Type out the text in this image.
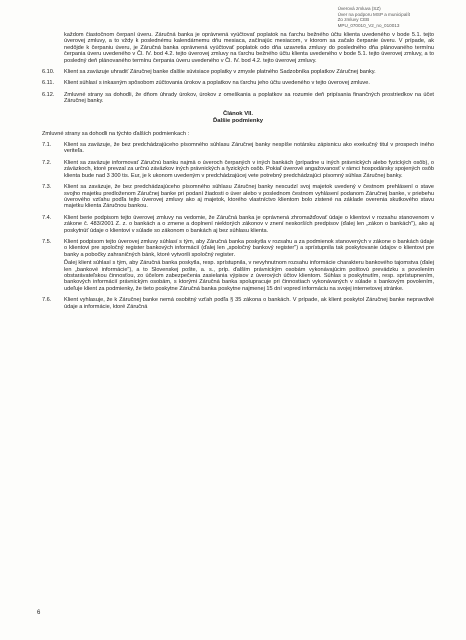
Úverová zmluva (SZ)
Úver na podporu MSP a municipalít
Zo zmluvy CEB
MPU_070010_V2_no_010013
každom čiastočnom čerpaní úveru. Záručná banka je oprávnená vyúčtovať poplatok na ťarchu bežného účtu klienta uvedeného v bode 5.1. tejto úverovej zmluvy, a to vždy k poslednému kalendárnemu dňu mesiaca, začínajúc mesiacom, v ktorom sa začalo čerpanie úveru. V prípade, ak nedôjde k čerpaniu úveru, je Záručná banka oprávnená vyúčtovať poplatok odo dňa uzavretia zmluvy do posledného dňa plánovaného termínu čerpania úveru uvedeného v Čl. IV. bod 4.2. tejto úverovej zmluvy na ťarchu bežného účtu klienta uvedeného v bode 5.1. tejto úverovej zmluvy, a to posledný deň plánovaného termínu čerpania úveru uvedeného v Čl. IV. bod 4.2. tejto úverovej zmluvy.
6.10.	Klient sa zaväzuje uhradiť Záručnej banke ďalšie súvisiace poplatky v zmysle platného Sadzobníka poplatkov Záručnej banky.
6.11.	Klient súhlasí s inkasným spôsobom zúčtovania úrokov a poplatkov na ťarchu jeho účtu uvedeného v tejto úverovej zmluve.
6.12.	Zmluvné strany sa dohodli, že dňom úhrady úrokov, úrokov z omeškania a poplatkov sa rozumie deň pripísania finančných prostriedkov na účet Záručnej banky.
Článok VII.
Ďalšie podmienky
Zmluvné strany sa dohodli na týchto ďalších podmienkach :
7.1.	Klient sa zaväzuje, že bez predchádzajúceho písomného súhlasu Záručnej banky nespíše notársku zápisnicu ako exekučný titul v prospech iného veriteľa.
7.2.	Klient sa zaväzuje informovať Záručnú banku najmä o úveroch čerpaných v iných bankách (prípadne u iných právnických alebo fyzických osôb), o záväzkoch, ktoré prevzal za určnú záväzkov iných právnických a fyzických osôb. Pokiaľ úverové angažovanosť v rámci hospodársky spojených osôb klienta bude nad 3 300 tis. Eur, je k ukonom uvedeným v predchádzajúcej vete potrebný predchádzajúci písomný súhlas Záručnej banky.
7.3.	Klient sa zaväzuje, že bez predchádzajúceho písomného súhlasu Záručnej banky nescudzí svoj majetok uvedený v čestnom prehlásení o stave svojho majetku predloženom Záručnej banke pri podaní žiadosti o úver alebo v poslednom čestnom vyhlásení podanom Záručnej banke, v priebehu úverového vzťahu podľa tejto úverovej zmluvy ako aj majetok, ktorého vlastníctvo klientom bolo zistené na základe overenia skutkového stavu majetku klienta Záručnou bankou.
7.4.	Klient berie podpisom tejto úverovej zmluvy na vedomie, že Záručná banka je oprávnená zhromažďovať údaje o klientovi v rozsahu stanovenom v zákone č. 483/2001 Z. z. o bankách a o zmene a doplnení niektorých zákonov v znení neskorších predpisov (ďalej len „zákon o bankách"), ako aj poskytnúť údaje o klientovi v súlade so zákonom o bankách aj bez súhlasu klienta.
7.5.	Klient podpisom tejto úverovej zmluvy súhlasí s tým, aby Záručná banka poskytla v rozsahu a za podmienok stanovených v zákone o bankách údaje o klientovi pre spoločný register bankových informácií (ďalej len „spoločný bankový register") a sprístupnila tak poskytovanie údajov o klientovi pre banky a pobočky zahraničných bánk, ktoré vytvorili spoločný register.
Ďalej klient súhlasí s tým, aby Záručná banka poskytla, resp. sprístupnila, v nevyhnutnom rozsahu informácie charakteru bankového tajomstva (ďalej len „bankové informácie"), a to Slovenskej pošte, a. s., príp. ďalším právnickým osobám vykonávajúcim poštovú prevádzku s povolením obstarávateľskou činnosťou, zo účelom zabezpečenia zasielania výpisov z úverových účtov klientom. Súhlas s poskytnutím, resp. sprístupnením, bankových informácií právnickým osobám, s ktorými Záručná banka spolupracuje pri činnostiach vykonávaných v súlade s bankovým povolením, udeľuje klient za podmienky, že tieto poskytne Záručná banka poskytne najmenej 15 dní vopred informáciu na svojej internetovej stránke.
7.6.	Klient vyhlasuje, že k Záručnej banke nemá osobitný vzťah podľa § 35 zákona o bankách. V prípade, ak klient poskytol Záručnej banke nepravdivé údaje a informácie, ktoré Záručná
6
